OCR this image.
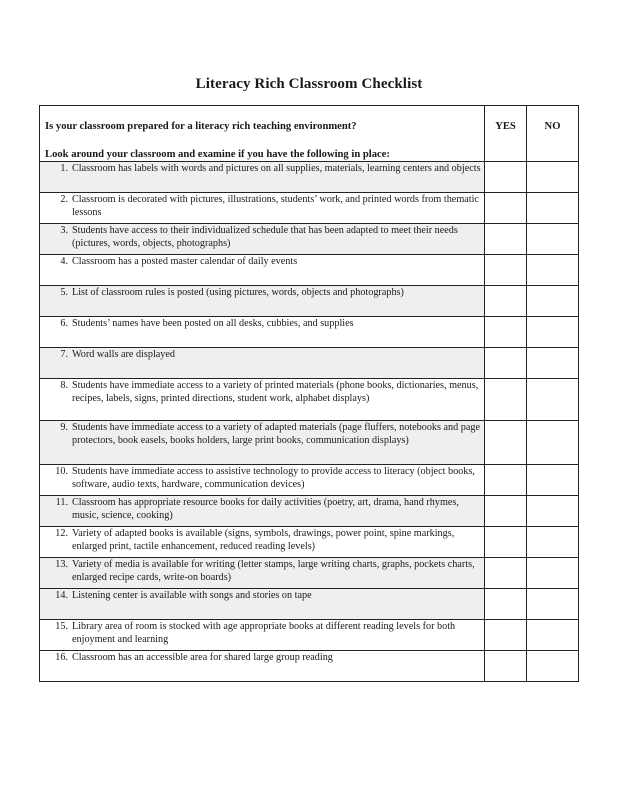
Literacy Rich Classroom Checklist
Is your classroom prepared for a literacy rich teaching environment?
Look around your classroom and examine if you have the following in place:	YES	NO

1. Classroom has labels with words and pictures on all supplies, materials, learning centers and objects		

2. Classroom is decorated with pictures, illustrations, students’ work, and printed words from thematic lessons		

3. Students have access to their individualized schedule that has been adapted to meet their needs (pictures, words, objects, photographs)		

4. Classroom has a posted master calendar of daily events		

5. List of classroom rules is posted (using pictures, words, objects and photographs)		

6. Students’ names have been posted on all desks, cubbies, and supplies		

7. Word walls are displayed		

8. Students have immediate access to a variety of printed materials (phone books, dictionaries, menus, recipes, labels, signs, printed directions, student work, alphabet displays)		

9. Students have immediate access to a variety of adapted materials (page fluffers, notebooks and page protectors, book easels, books holders, large print books, communication displays)		

10. Students have immediate access to assistive technology to provide access to literacy (object books, software, audio texts, hardware, communication devices)		

11. Classroom has appropriate resource books for daily activities (poetry, art, drama, hand rhymes, music, science, cooking)		

12. Variety of adapted books is available (signs, symbols, drawings, power point, spine markings, enlarged print, tactile enhancement, reduced reading levels)		

13. Variety of media is available for writing (letter stamps, large writing charts, graphs, pockets charts, enlarged recipe cards, write-on boards)		

14. Listening center is available with songs and stories on tape		

15. Library area of room is stocked with age appropriate books at different reading levels for both enjoyment and learning		

16. Classroom has an accessible area for shared large group reading		
